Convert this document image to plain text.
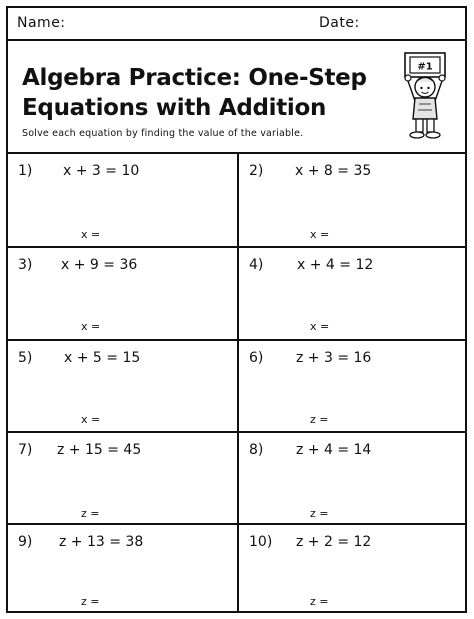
Name:	Date:
Algebra Practice: One-Step
Equations with Addition
Solve each equation by finding the value of the variable.
#1
1) x + 3 = 10
x =
2) x + 8 = 35
x =
3) x + 9 = 36
x =
4) x + 4 = 12
x =
5) x + 5 = 15
x =
6) z + 3 = 16
z =
7) z + 15 = 45
z =
8) z + 4 = 14
z =
9) z + 13 = 38
z =
10) z + 2 = 12
z =
